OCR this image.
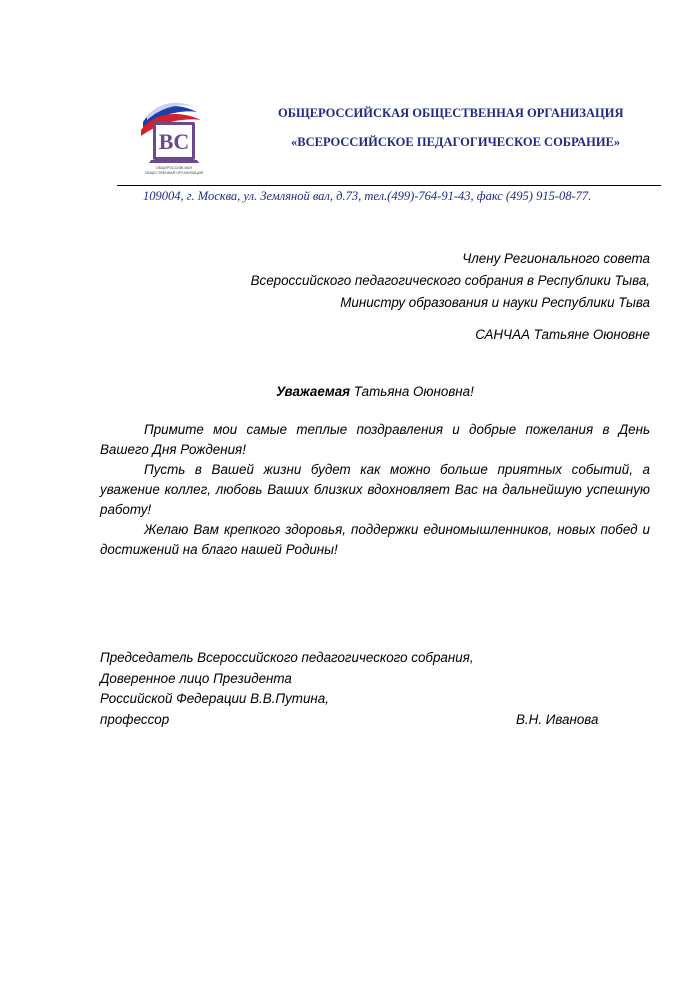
ВС
ОБЩЕРОССИЙСКАЯ
ОБЩЕСТВЕННАЯ ОРГАНИЗАЦИЯ
ОБЩЕРОССИЙСКАЯ ОБЩЕСТВЕННАЯ ОРГАНИЗАЦИЯ
«ВСЕРОССИЙСКОЕ ПЕДАГОГИЧЕСКОЕ СОБРАНИЕ»
109004, г. Москва, ул. Земляной вал, д.73, тел.(499)-764-91-43, факс (495) 915-08-77.
Члену Регионального совета
Всероссийского педагогического собрания в Республики Тыва,
Министру образования и науки Республики Тыва
САНЧАА Татьяне Оюновне
Уважаемая Татьяна Оюновна!

Примите мои самые теплые поздравления и добрые пожелания в День Вашего Дня Рождения!

Пусть в Вашей жизни будет как можно больше приятных событий, а уважение коллег, любовь Ваших близких вдохновляет Вас на дальнейшую успешную работу!

Желаю Вам крепкого здоровья, поддержки единомышленников, новых побед и достижений на благо нашей Родины!

Председатель Всероссийского педагогического собрания,
Доверенное лицо Президента
Российской Федерации В.В.Путина,
профессор	В.Н. Иванова
